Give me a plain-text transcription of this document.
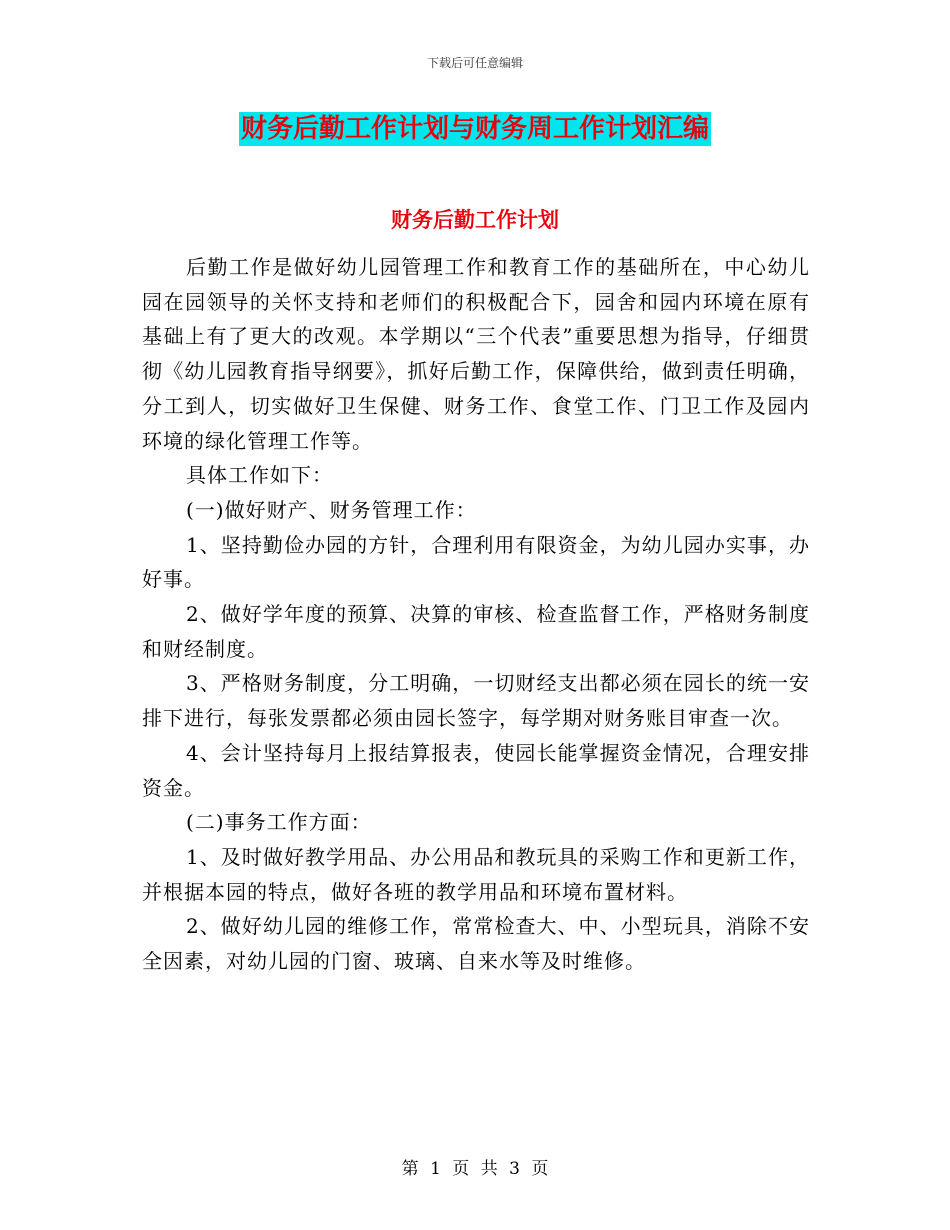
下载后可任意编辑
财务后勤工作计划与财务周工作计划汇编
财务后勤工作计划

后勤工作是做好幼儿园管理工作和教育工作的基础所在，中心幼儿园在园领导的关怀支持和老师们的积极配合下，园舍和园内环境在原有基础上有了更大的改观。本学期以“三个代表”重要思想为指导，仔细贯彻《幼儿园教育指导纲要》，抓好后勤工作，保障供给，做到责任明确，分工到人，切实做好卫生保健、财务工作、食堂工作、门卫工作及园内环境的绿化管理工作等。

具体工作如下：

(一)做好财产、财务管理工作：

1、坚持勤俭办园的方针，合理利用有限资金，为幼儿园办实事，办好事。

2、做好学年度的预算、决算的审核、检查监督工作，严格财务制度和财经制度。

3、严格财务制度，分工明确，一切财经支出都必须在园长的统一安排下进行，每张发票都必须由园长签字，每学期对财务账目审查一次。

4、会计坚持每月上报结算报表，使园长能掌握资金情况，合理安排资金。

(二)事务工作方面：

1、及时做好教学用品、办公用品和教玩具的采购工作和更新工作，并根据本园的特点，做好各班的教学用品和环境布置材料。

2、做好幼儿园的维修工作，常常检查大、中、小型玩具，消除不安全因素，对幼儿园的门窗、玻璃、自来水等及时维修。

第 1 页 共 3 页
